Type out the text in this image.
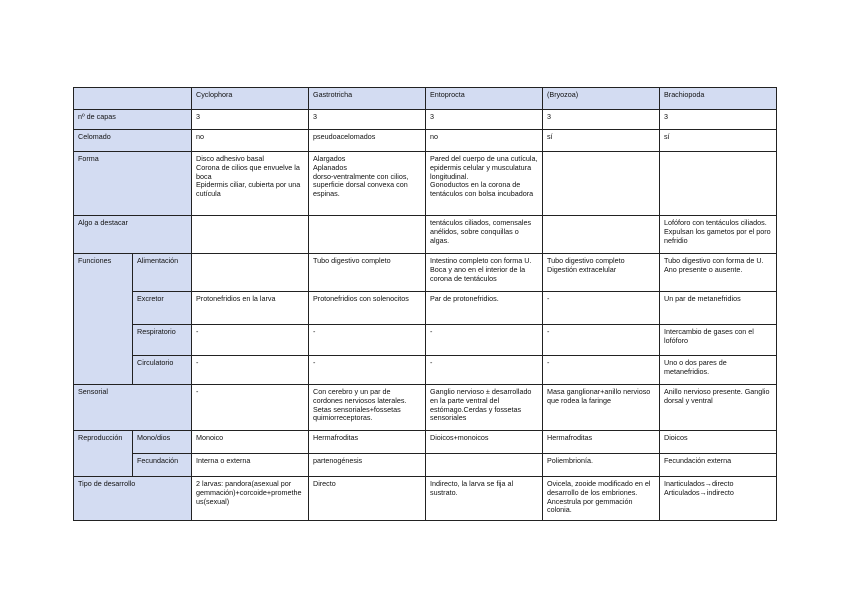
		Cyclophora	Gastrotricha	Entoprocta	(Bryozoa)	Brachiopoda
nº de capas		3	3	3	3	3
Celomado		no	pseudoacelomados	no	sí	sí
Forma		Disco adhesivo basal
Corona de cilios que envuelve la boca
Epidermis ciliar, cubierta por una cutícula	Alargados
Aplanados
dorso-ventralmente con cilios, superficie dorsal convexa con espinas.	Pared del cuerpo de una cutícula, epidermis celular y musculatura longitudinal.
Gonoductos en la corona de tentáculos con bolsa incubadora		
Algo a destacar				tentáculos ciliados, comensales anélidos, sobre conquillas o algas.		Lofóforo con tentáculos ciliados. Expulsan los gametos por el poro nefridio
Funciones	Alimentación		Tubo digestivo completo	Intestino completo con forma U. Boca y ano en el interior de la corona de tentáculos	Tubo digestivo completo Digestión extracelular	Tubo digestivo con forma de U. Ano presente o ausente.
	Excretor	Protonefridios en la larva	Protonefridios con solenocitos	Par de protonefridios.	-	Un par de metanefridios
	Respiratorio	-	-	-	-	Intercambio de gases con el lofóforo
	Circulatorio	-	-	-	-	Uno o dos pares de metanefridios.
Sensorial		-	Con cerebro y un par de cordones nerviosos laterales. Setas sensoriales+fossetas quimiorreceptoras.	Ganglio nervioso ± desarrollado en la parte ventral del estómago.Cerdas y fossetas sensoriales	Masa ganglionar+anillo nervioso que rodea la faringe	Anillo nervioso presente. Ganglio dorsal y ventral
Reproducción	Mono/dios	Monoico	Hermafroditas	Dioicos+monoicos	Hermafroditas	Dioicos
	Fecundación	Interna o externa	partenogénesis		Poliembrionía.	Fecundación externa
Tipo de desarrollo		2 larvas: pandora(asexual por gemmación)+corcoide+prometheus(sexual)	Directo	Indirecto, la larva se fija al sustrato.	Ovicela, zooide modificado en el desarrollo de los embriones. Ancestrula por gemmación colonia.	Inarticulados→directo
Articulados→indirecto
